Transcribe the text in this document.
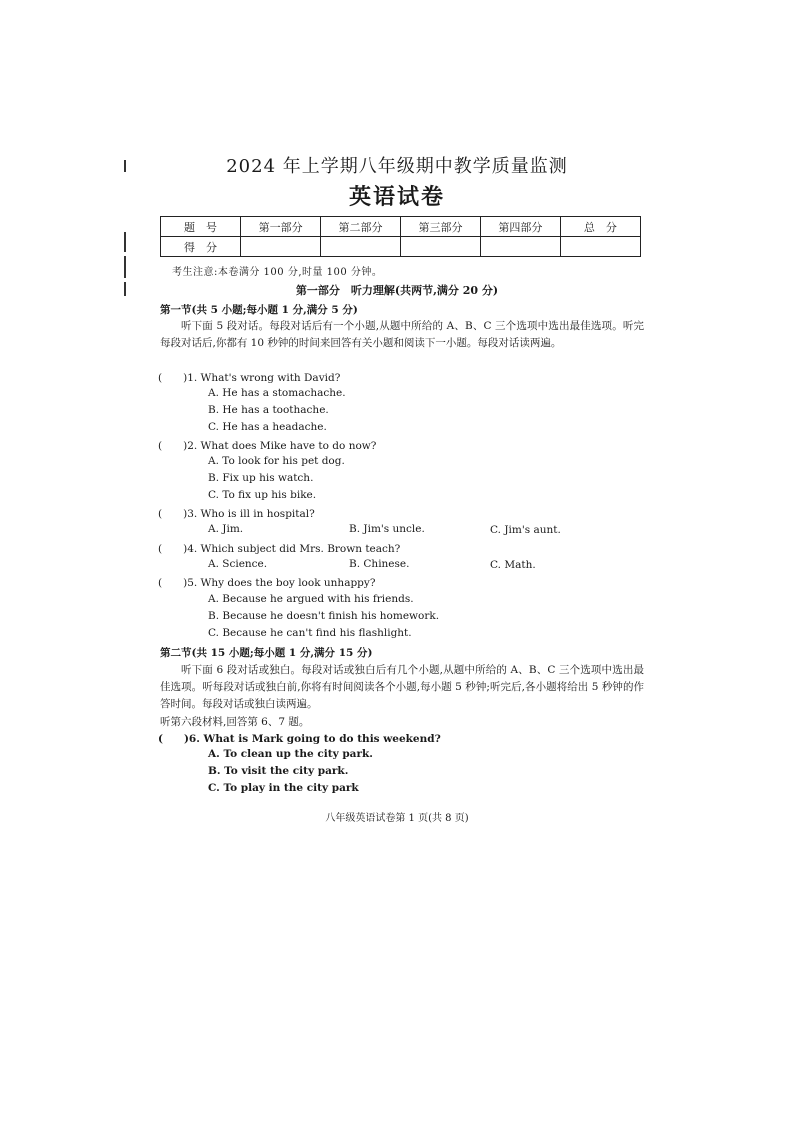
2024 年上学期八年级期中教学质量监测
英语试卷
题　号	第一部分	第二部分	第三部分	第四部分	总　分
得　分					
考生注意:本卷满分 100 分,时量 100 分钟。
第一部分　听力理解(共两节,满分 20 分)
第一节(共 5 小题;每小题 1 分,满分 5 分)
听下面 5 段对话。每段对话后有一个小题,从题中所给的 A、B、C 三个选项中选出最佳选项。听完每段对话后,你都有 10 秒钟的时间来回答有关小题和阅读下一小题。每段对话读两遍。
(　　)1. What's wrong with David?
A. He has a stomachache.
B. He has a toothache.
C. He has a headache.
(　　)2. What does Mike have to do now?
A. To look for his pet dog.
B. Fix up his watch.
C. To fix up his bike.
(　　)3. Who is ill in hospital?
A. Jim.	B. Jim's uncle.	C. Jim's aunt.
(　　)4. Which subject did Mrs. Brown teach?
A. Science.	B. Chinese.	C. Math.
(　　)5. Why does the boy look unhappy?
A. Because he argued with his friends.
B. Because he doesn't finish his homework.
C. Because he can't find his flashlight.
第二节(共 15 小题;每小题 1 分,满分 15 分)
听下面 6 段对话或独白。每段对话或独白后有几个小题,从题中所给的 A、B、C 三个选项中选出最佳选项。听每段对话或独白前,你将有时间阅读各个小题,每小题 5 秒钟;听完后,各小题将给出 5 秒钟的作答时间。每段对话或独白读两遍。
听第六段材料,回答第 6、7 题。
(　　)6. What is Mark going to do this weekend?
A. To clean up the city park.
B. To visit the city park.
C. To play in the city park
八年级英语试卷第 1 页(共 8 页)
